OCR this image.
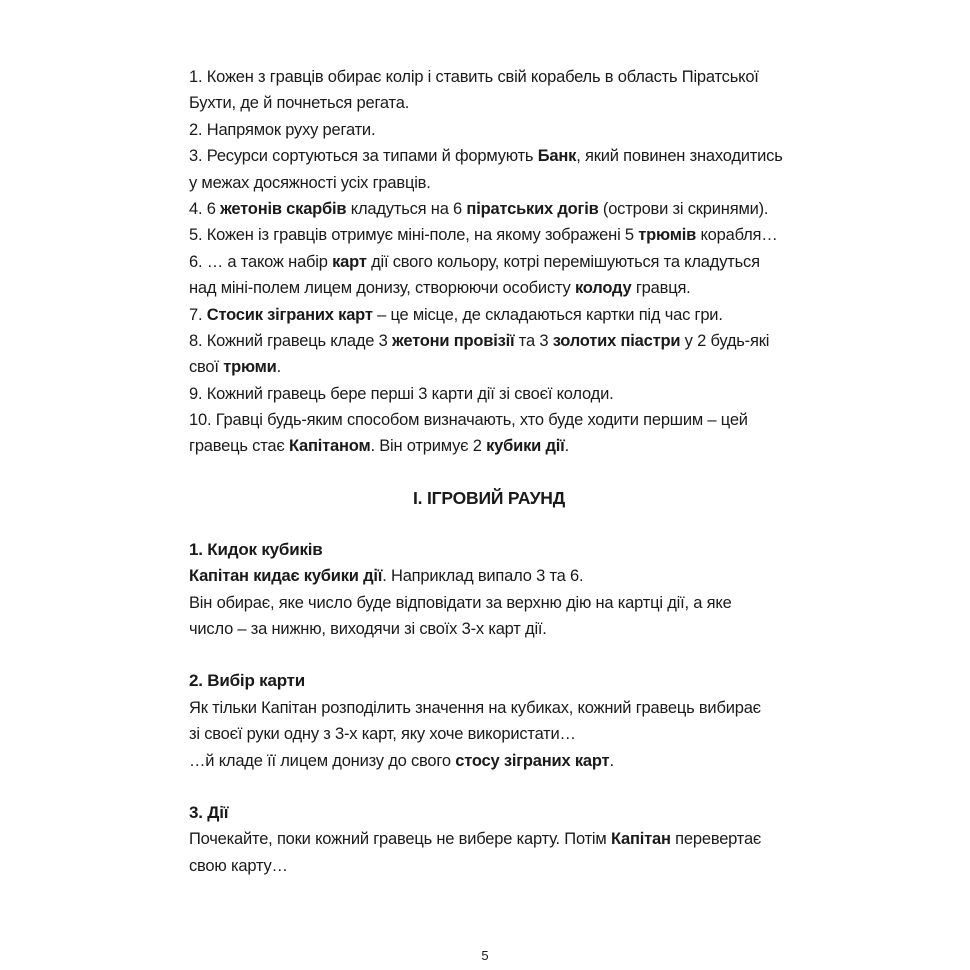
1. Кожен з гравців обирає колір і ставить свій корабель в область Піратської
Бухти, де й почнеться регата.
2. Напрямок руху регати.
3. Ресурси сортуються за типами й формують Банк, який повинен знаходитись
у межах досяжності усіх гравців.
4. 6 жетонів скарбів кладуться на 6 піратських догів (острови зі скринями).
5. Кожен із гравців отримує міні-поле, на якому зображені 5 трюмів корабля…
6. … а також набір карт дії свого кольору, котрі перемішуються та кладуться
над міні-полем лицем донизу, створюючи особисту колоду гравця.
7. Стосик зіграних карт – це місце, де складаються картки під час гри.
8. Кожний гравець кладе 3 жетони провізії та 3 золотих піастри у 2 будь-які
свої трюми.
9. Кожний гравець бере перші 3 карти дії зі своєї колоди.
10. Гравці будь-яким способом визначають, хто буде ходити першим – цей
гравець стає Капітаном. Він отримує 2 кубики дії.
I. ІГРОВИЙ РАУНД
1. Кидок кубиків
Капітан кидає кубики дії. Наприклад випало 3 та 6.
Він обирає, яке число буде відповідати за верхню дію на картці дії, а яке
число – за нижню, виходячи зі своїх 3-х карт дії.
2. Вибір карти
Як тільки Капітан розподілить значення на кубиках, кожний гравець вибирає
зі своєї руки одну з 3-х карт, яку хоче використати…
…й кладе її лицем донизу до свого стосу зіграних карт.
3. Дії
Почекайте, поки кожний гравець не вибере карту. Потім Капітан перевертає
свою карту…
5
